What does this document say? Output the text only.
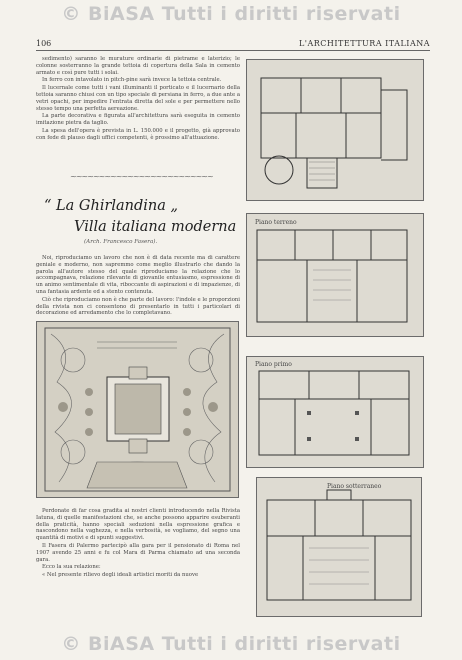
© BiASA Tutti i diritti riservati
106	L'ARCHITETTURA ITALIANA

sedimento) saranno le murature ordinarie di pietrame e laterizio; le colonne sosterranno la grande tettoia di copertura della Sala in cemento armato e così pure tutti i solai.

In ferro con intavolato in pitch-pine sarà invece la tettoia centrale.

Il lucernale come tutti i vani illuminanti il porticato e il lucernario della tettoia saranno chiusi con un tipo speciale di persiana in ferro, a due ante a vetri opachi, per impedire l'entrata diretta del sole e per permettere nello stesso tempo una perfetta aereazione.

La parte decorativa e figurata all'architettura sarà eseguita in cemento imitazione pietra da taglio.

La spesa dell'opera è prevista in L. 150.000 e il progetto, già approvato con fede di plauso dagli uffici competenti, è prossimo all'attuazione.

~~~~~~~~~~~~~~~~~~~~~~~~~
“ La Ghirlandina „
Villa italiana moderna
(Arch. Francesco Fasera).

Noi, riproduciamo un lavoro che non è di data recente ma di carattere geniale e moderno, non sapremmo come meglio illustrarlo che dando la parola all'autore stesso del quale riproduciamo la relazione che lo accompagnava, relazione rilevante di giovanile entusiasmo, espressione di un animo sentimentale di vita, riboccante di aspirazioni e di impazienze, di una fantasia ardente ed a stento contenuta.

Ciò che riproduciamo non è che parte del lavoro: l'indole e le proporzioni della rivista non ci consentono di presentarlo in tutti i particolari di decorazione ed arredamento che lo completavano.

Perdonate di far cosa gradita ai nostri clienti introducendo nella Rivista Iatuna, di quelle manifestazioni che, se anche possono apparire esuberanti della praticità, hanno speciali seduzioni nella espressione grafica e nascondono nella vaghezza, e nella verbosità, se vogliamo, del segno una quantità di motivi e di spunti suggestivi.

Il Fasera di Palermo partecipò alla gara per il pensionato di Roma nel 1907 avendo 25 anni e fu col Mara di Parma chiamato ad una seconda gara.

Ecco la sua relazione:

« Nel presente rilievo degli ideali artistici moriti da nuove

Piano terreno
Piano primo
Piano sotterraneo
© BiASA Tutti i diritti riservati
